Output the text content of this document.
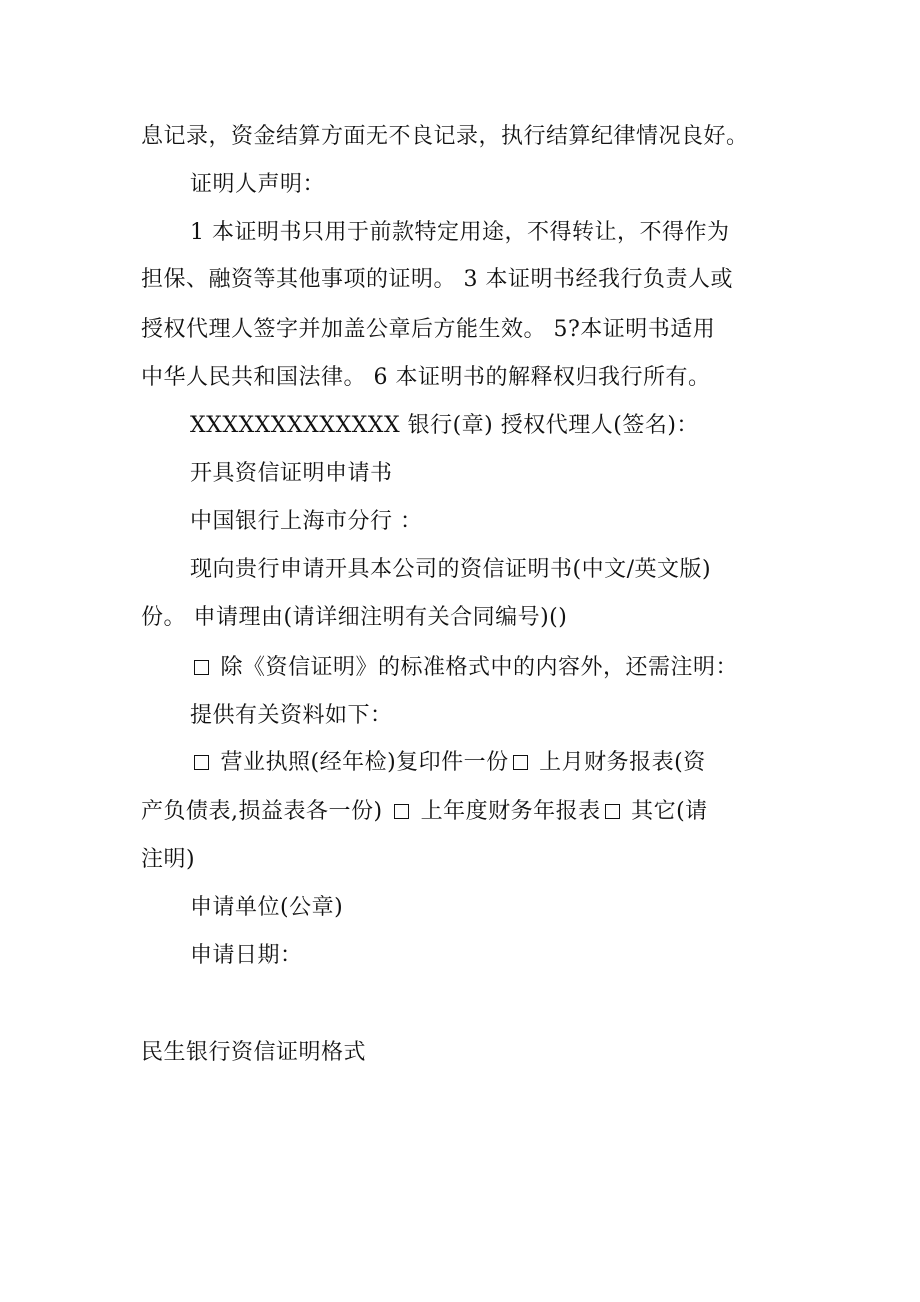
息记录，资金结算方面无不良记录，执行结算纪律情况良好。
证明人声明：
1 本证明书只用于前款特定用途，不得转让，不得作为
担保、融资等其他事项的证明。 3 本证明书经我行负责人或
授权代理人签字并加盖公章后方能生效。 5?本证明书适用
中华人民共和国法律。 6 本证明书的解释权归我行所有。
XXXXXXXXXXXXX 银行(章) 授权代理人(签名)：
开具资信证明申请书
中国银行上海市分行 ：
现向贵行申请开具本公司的资信证明书(中文/英文版)
份。 申请理由(请详细注明有关合同编号)()
除《资信证明》的标准格式中的内容外，还需注明：
提供有关资料如下：
营业执照(经年检)复印件一份 上月财务报表(资
产负债表,损益表各一份) 上年度财务年报表 其它(请
注明)
申请单位(公章)
申请日期：
民生银行资信证明格式
